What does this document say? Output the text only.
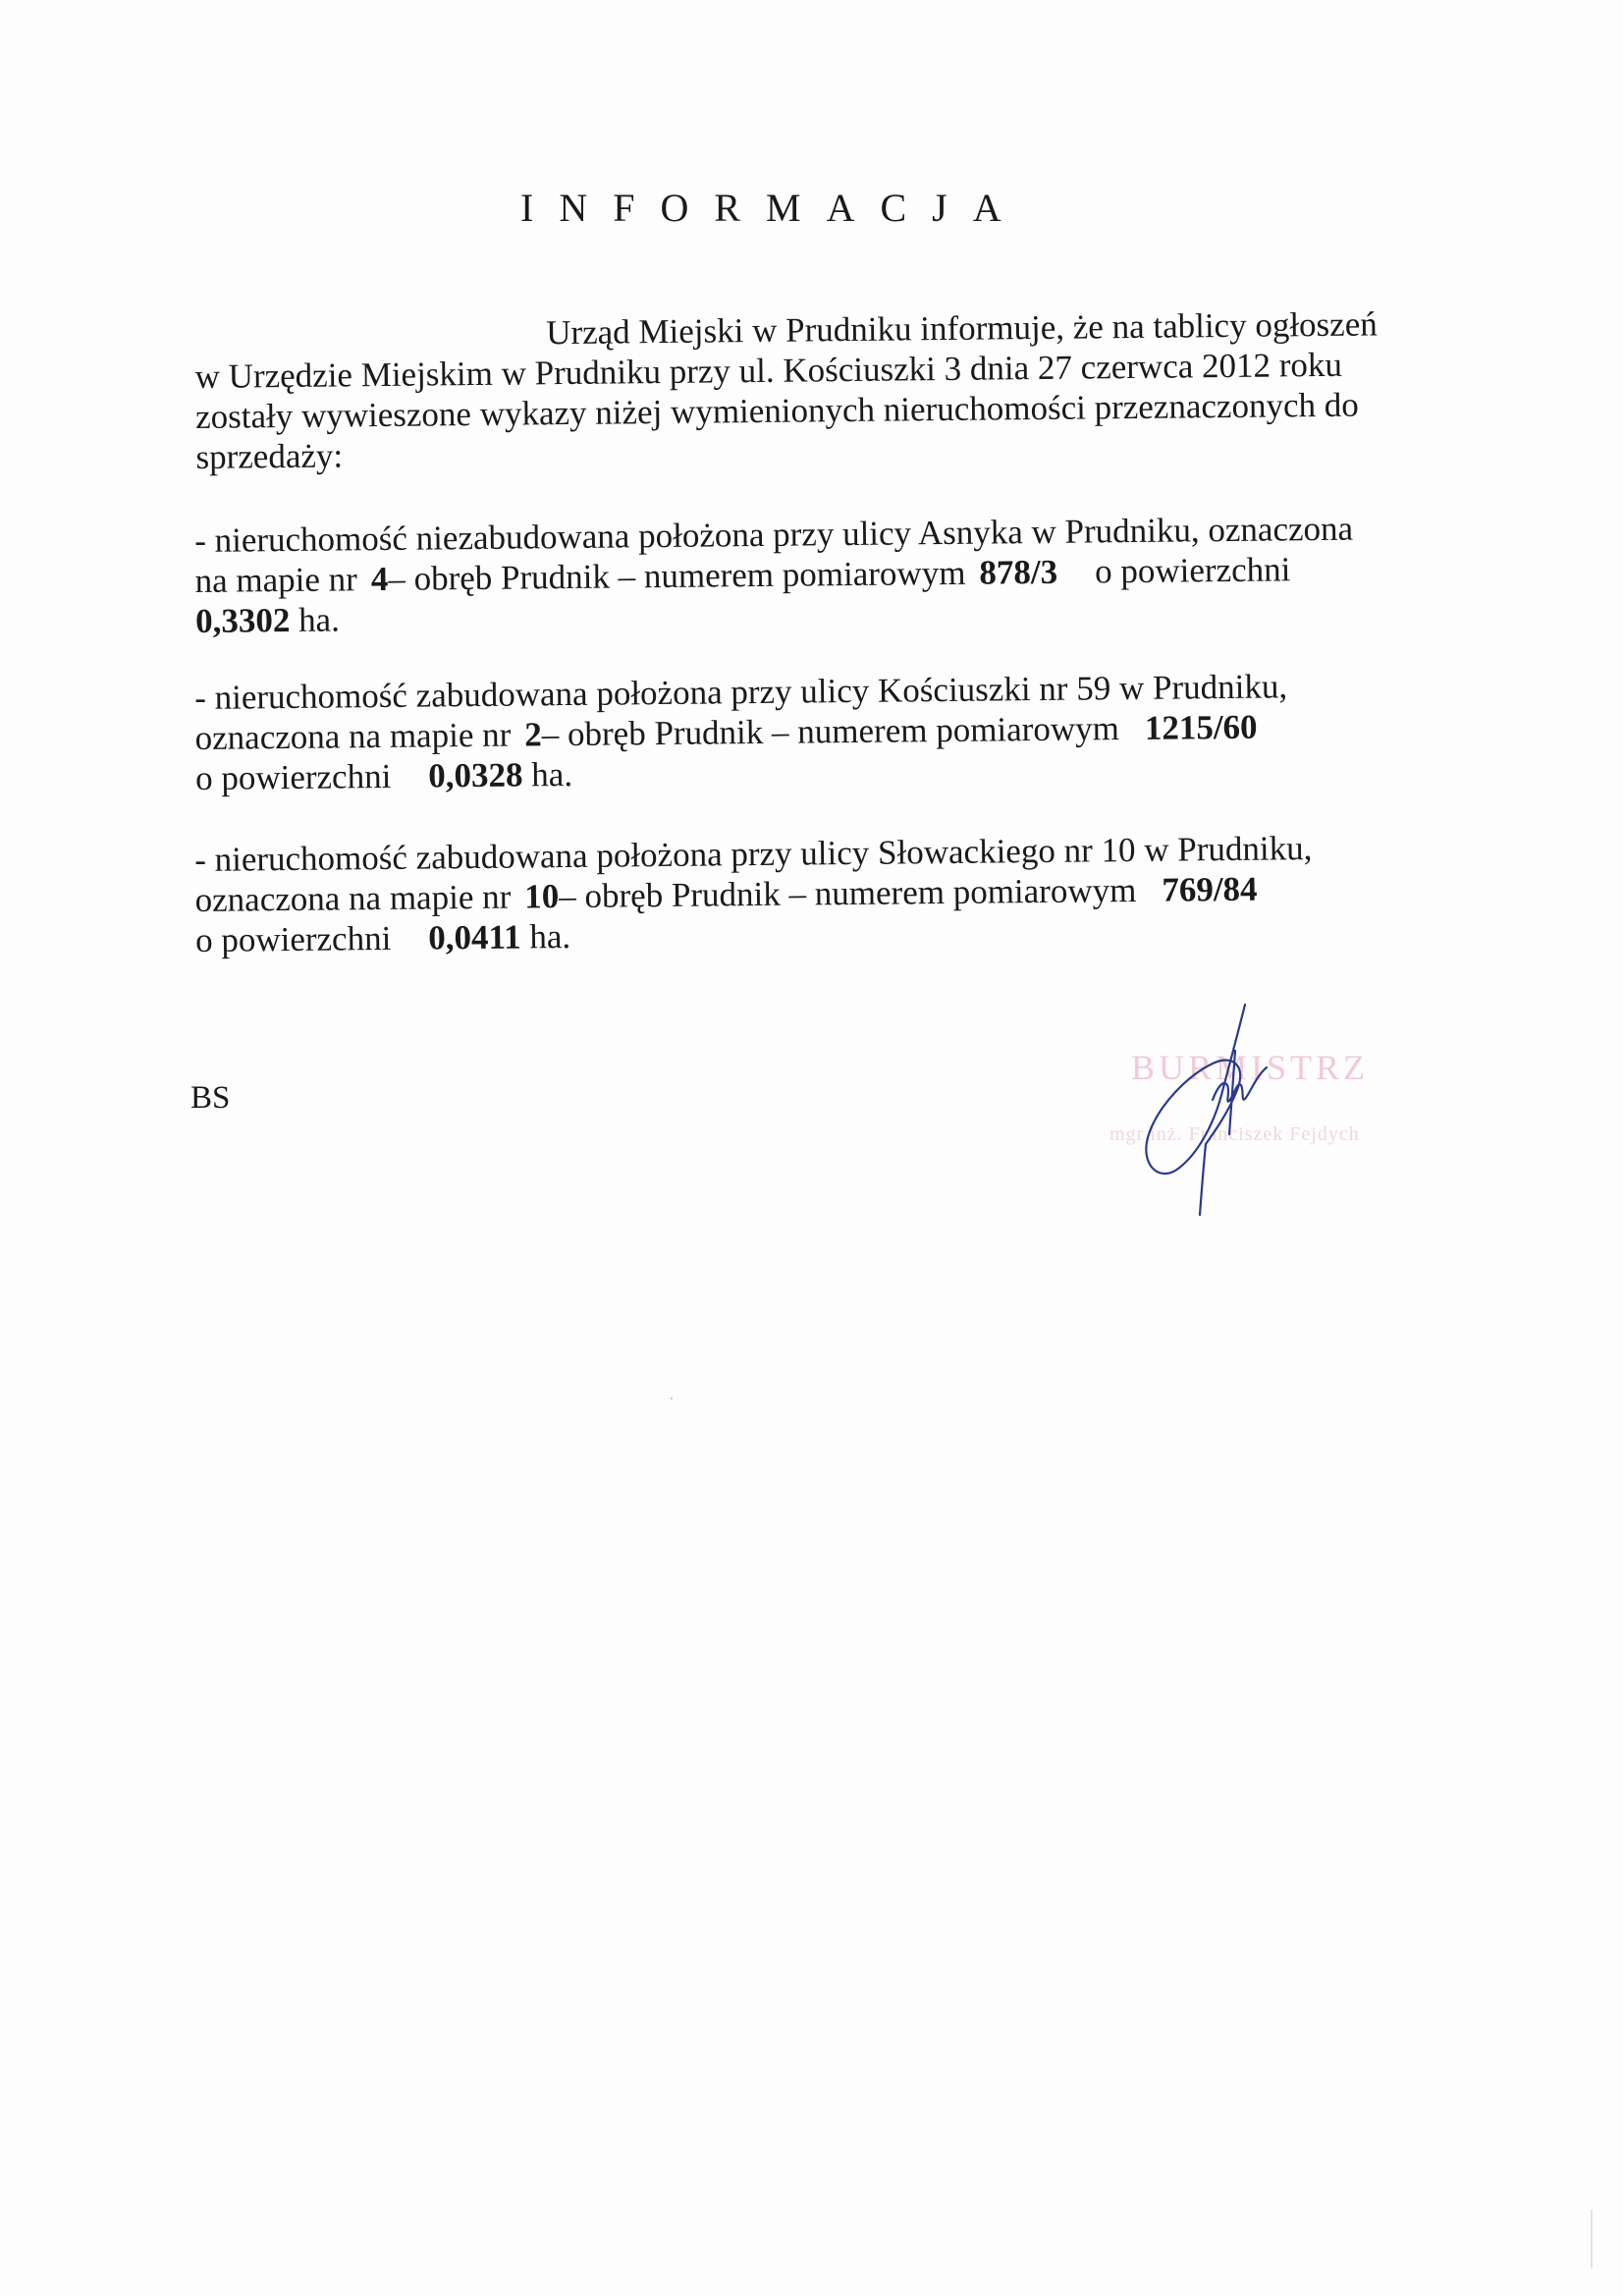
INFORMACJA

Urząd Miejski w Prudniku informuje, że na tablicy ogłoszeń
w Urzędzie Miejskim w Prudniku przy ul. Kościuszki 3 dnia 27 czerwca 2012 roku
zostały wywieszone wykazy niżej wymienionych nieruchomości przeznaczonych do
sprzedaży:

- nieruchomość niezabudowana położona przy ulicy Asnyka w Prudniku, oznaczona
na mapie nr 4– obręb Prudnik – numerem pomiarowym 878/3 o powierzchni
0,3302 ha.

- nieruchomość zabudowana położona przy ulicy Kościuszki nr 59 w Prudniku,
oznaczona na mapie nr 2– obręb Prudnik – numerem pomiarowym 1215/60
o powierzchni 0,0328 ha.

- nieruchomość zabudowana położona przy ulicy Słowackiego nr 10 w Prudniku,
oznaczona na mapie nr 10– obręb Prudnik – numerem pomiarowym 769/84
o powierzchni 0,0411 ha.

BS

BURMISTRZ
mgr inż. Franciszek Fejdych
